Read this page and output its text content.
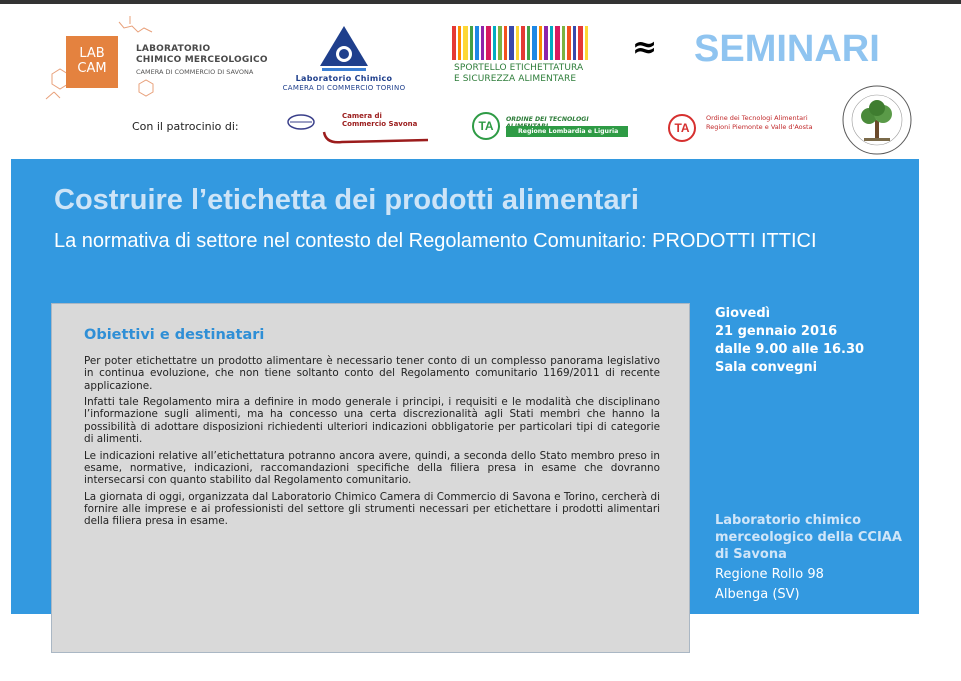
LAB
CAM
LABORATORIO
CHIMICO MERCEOLOGICO
CAMERA DI COMMERCIO DI SAVONA
Laboratorio Chimico
CAMERA DI COMMERCIO TORINO
SPORTELLO ETICHETTATURA
E SICUREZZA ALIMENTARE
≈ SEMINARI
Con il patrocinio di:
Camera di Commercio Savona	TA	ORDINE DEI TECNOLOGI
Regione Lombardia e Liguria	TA
Ordine dei Tecnologi Alimentari
Regioni Piemonte e Valle d'Aosta
Costruire l’etichetta dei prodotti alimentari
La normativa di settore nel contesto del Regolamento Comunitario: PRODOTTI ITTICI
Obiettivi e destinatari

Per poter etichettatre un prodotto alimentare è necessario tener conto di un complesso panorama legislativo in continua evoluzione, che non tiene soltanto conto del Regolamento comunitario 1169/2011 di recente applicazione.

Infatti tale Regolamento mira a definire in modo generale i principi, i requisiti e le modalità che disciplinano l’informazione sugli alimenti, ma ha concesso una certa discrezionalità agli Stati membri che hanno la possibilità di adottare disposizioni richiedenti ulteriori indicazioni obbligatorie per particolari tipi di categorie di alimenti.

Le indicazioni relative all’etichettatura potranno ancora avere, quindi, a seconda dello Stato membro preso in esame, normative, indicazioni, raccomandazioni specifiche della filiera presa in esame che dovranno intersecarsi con quanto stabilito dal Regolamento comunitario.

La giornata di oggi, organizzata dal Laboratorio Chimico Camera di Commercio di Savona e Torino, cercherà di fornire alle imprese e ai professionisti del settore gli strumenti necessari per etichettare i prodotti alimentari della filiera presa in esame.

Giovedì
21 gennaio 2016
dalle 9.00 alle 16.30
Sala convegni
Laboratorio chimico merceologico della CCIAA di Savona
Regione Rollo 98
Albenga (SV)
